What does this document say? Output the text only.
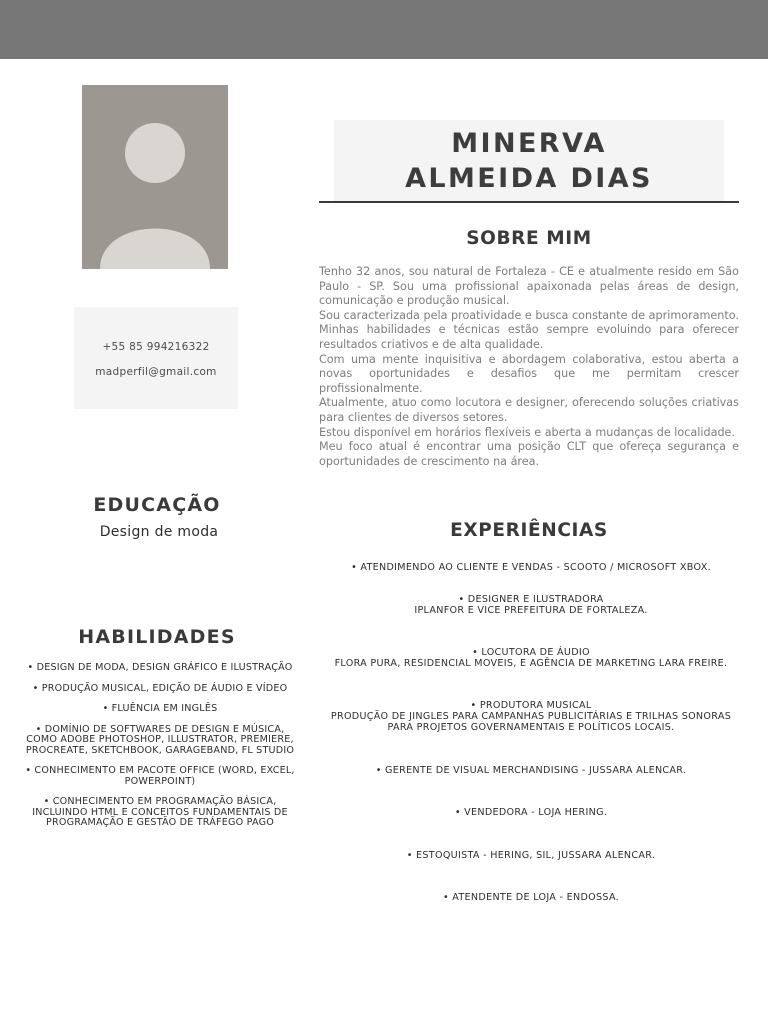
+55 85 994216322
madperfil@gmail.com
EDUCAÇÃO
Design de moda
HABILIDADES
• DESIGN DE MODA, DESIGN GRÁFICO E ILUSTRAÇÃO
• PRODUÇÃO MUSICAL, EDIÇÃO DE ÁUDIO E VÍDEO
• FLUÊNCIA EM INGLÊS
• DOMÍNIO DE SOFTWARES DE DESIGN E MÚSICA, COMO ADOBE PHOTOSHOP, ILLUSTRATOR, PREMIERE, PROCREATE, SKETCHBOOK, GARAGEBAND, FL STUDIO
• CONHECIMENTO EM PACOTE OFFICE (WORD, EXCEL, POWERPOINT)
• CONHECIMENTO EM PROGRAMAÇÃO BÁSICA, INCLUINDO HTML E CONCEITOS FUNDAMENTAIS DE PROGRAMAÇÃO E GESTÃO DE TRÁFEGO PAGO
MINERVA
ALMEIDA DIAS
SOBRE MIM

Tenho 32 anos, sou natural de Fortaleza - CE e atualmente resido em São Paulo - SP. Sou uma profissional apaixonada pelas áreas de design, comunicação e produção musical.

Sou caracterizada pela proatividade e busca constante de aprimoramento. Minhas habilidades e técnicas estão sempre evoluindo para oferecer resultados criativos e de alta qualidade.

Com uma mente inquisitiva e abordagem colaborativa, estou aberta a novas oportunidades e desafios que me permitam crescer profissionalmente.

Atualmente, atuo como locutora e designer, oferecendo soluções criativas para clientes de diversos setores.

Estou disponível em horários flexíveis e aberta a mudanças de localidade.

Meu foco atual é encontrar uma posição CLT que ofereça segurança e oportunidades de crescimento na área.

EXPERIÊNCIAS
• ATENDIMENDO AO CLIENTE E VENDAS - SCOOTO / MICROSOFT XBOX.
• DESIGNER E ILUSTRADORA
IPLANFOR E VICE PREFEITURA DE FORTALEZA.
• LOCUTORA DE ÁUDIO
FLORA PURA, RESIDENCIAL MOVEIS, E AGÊNCIA DE MARKETING LARA FREIRE.
• PRODUTORA MUSICAL
PRODUÇÃO DE JINGLES PARA CAMPANHAS PUBLICITÁRIAS E TRILHAS SONORAS PARA PROJETOS GOVERNAMENTAIS E POLÍTICOS LOCAIS.
• GERENTE DE VISUAL MERCHANDISING - JUSSARA ALENCAR.
• VENDEDORA - LOJA HERING.
• ESTOQUISTA - HERING, SIL, JUSSARA ALENCAR.
• ATENDENTE DE LOJA - ENDOSSA.
